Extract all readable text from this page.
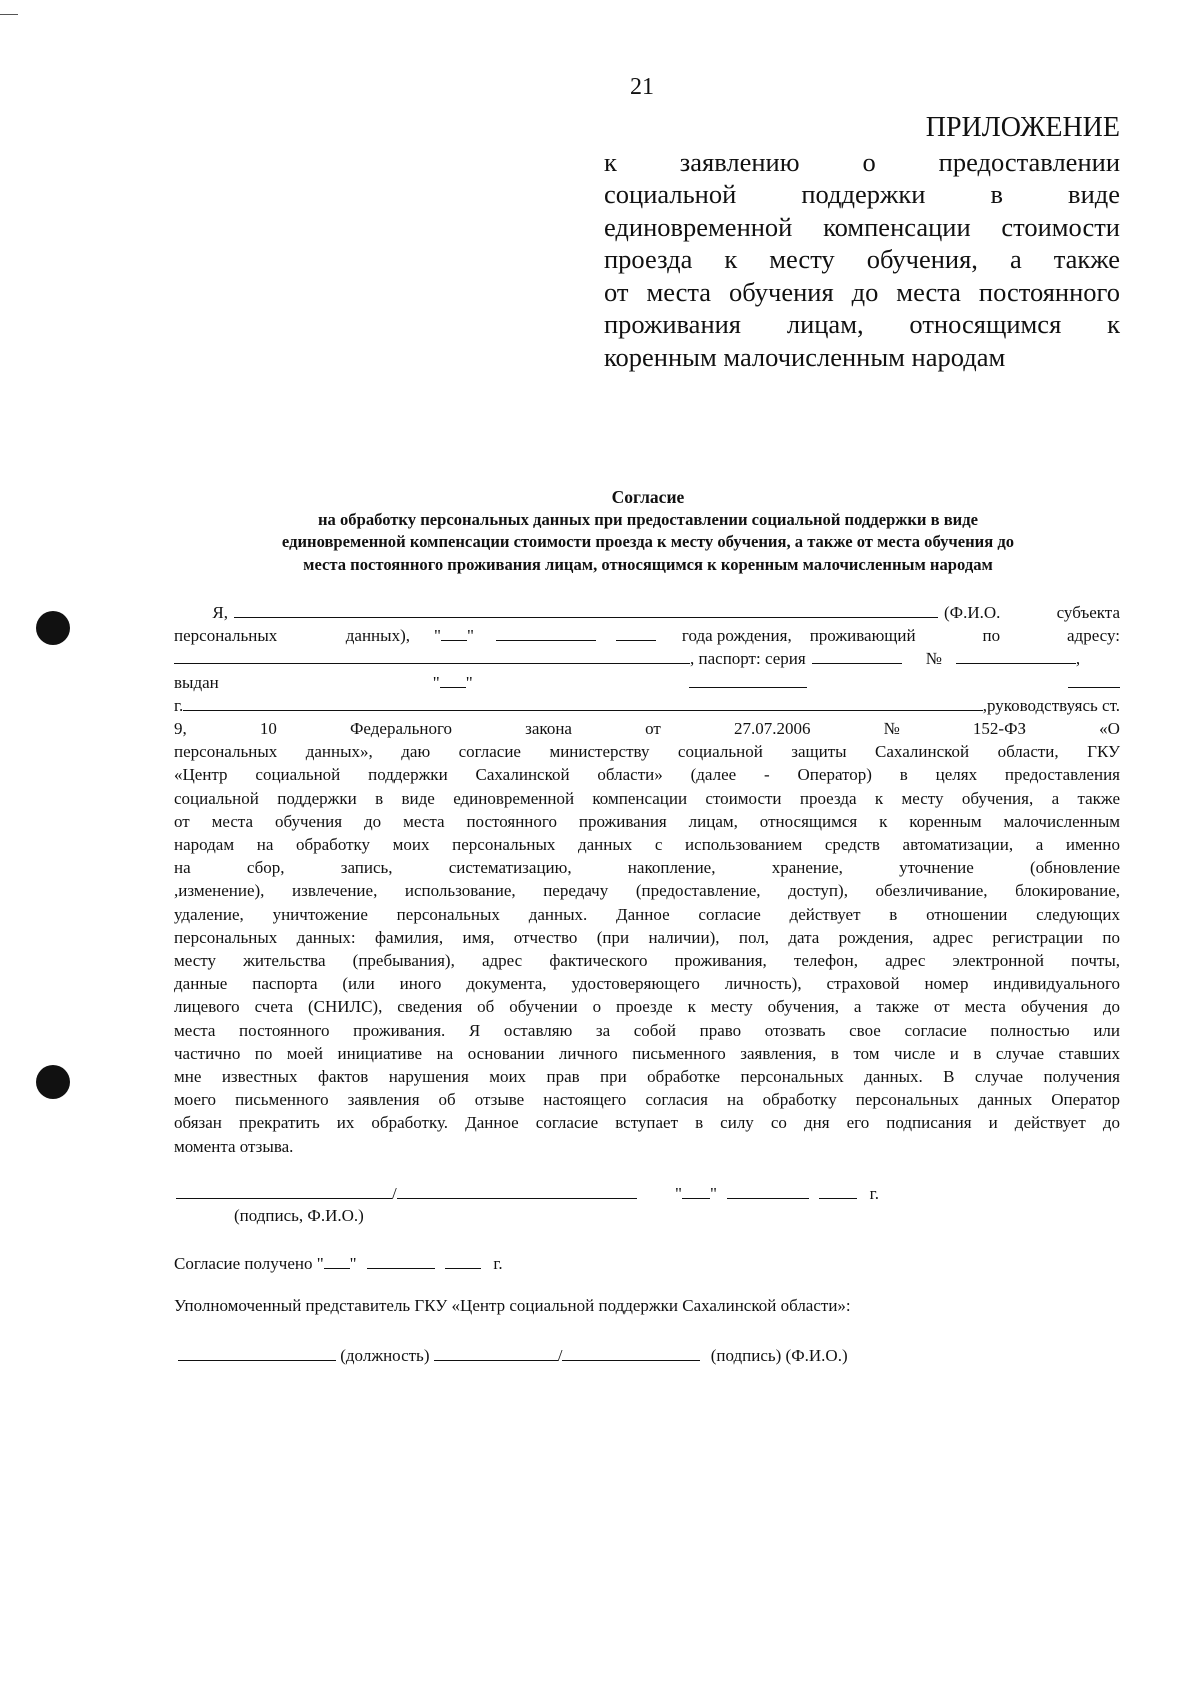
21
ПРИЛОЖЕНИЕ
к заявлению о предоставлении
социальной поддержки в виде
единовременной компенсации стоимости
проезда к месту обучения, а также
от места обучения до места постоянного
проживания лицам, относящимся к
коренным малочисленным народам
Согласие
на обработку персональных данных при предоставлении социальной поддержки в виде
единовременной компенсации стоимости проезда к месту обучения, а также от места обучения до
места постоянного проживания лицам, относящимся к коренным малочисленным народам
Я,	(Ф.И.О. субъекта
персональных данных), " "	года рождения, проживающий по адресу:
, паспорт: серия	№	,
выдан	" "
г.	,руководствуясь ст.
9,	10	Федерального	закона	от	27.07.2006	№	152-ФЗ	«О
персональных данных», даю согласие министерству социальной защиты Сахалинской области, ГКУ
«Центр социальной поддержки Сахалинской области» (далее - Оператор) в целях предоставления
социальной поддержки в виде единовременной компенсации стоимости проезда к месту обучения, а также
от места обучения до места постоянного проживания лицам, относящимся к коренным малочисленным
народам на обработку моих персональных данных с использованием средств автоматизации, а именно
на сбор, запись, систематизацию, накопление, хранение, уточнение (обновление
,изменение), извлечение, использование, передачу (предоставление, доступ), обезличивание, блокирование,
удаление, уничтожение персональных данных. Данное согласие действует в отношении следующих
персональных данных: фамилия, имя, отчество (при наличии), пол, дата рождения, адрес регистрации по
месту жительства (пребывания), адрес фактического проживания, телефон, адрес электронной почты,
данные паспорта (или иного документа, удостоверяющего личность), страховой номер индивидуального
лицевого счета (СНИЛС), сведения об обучении о проезде к месту обучения, а также от места обучения до
места постоянного проживания. Я оставляю за собой право отозвать свое согласие полностью или
частично по моей инициативе на основании личного письменного заявления, в том числе и в случае ставших
мне известных фактов нарушения моих прав при обработке персональных данных. В случае получения
моего письменного заявления об отзыве настоящего согласия на обработку персональных данных Оператор
обязан прекратить их обработку. Данное согласие вступает в силу со дня его подписания и действует до
момента отзыва.
/	" "	г.
(подпись, Ф.И.О.)
Согласие получено " "	г.
Уполномоченный представитель ГКУ «Центр социальной поддержки Сахалинской области»:
(должность)	/	(подпись) (Ф.И.О.)
